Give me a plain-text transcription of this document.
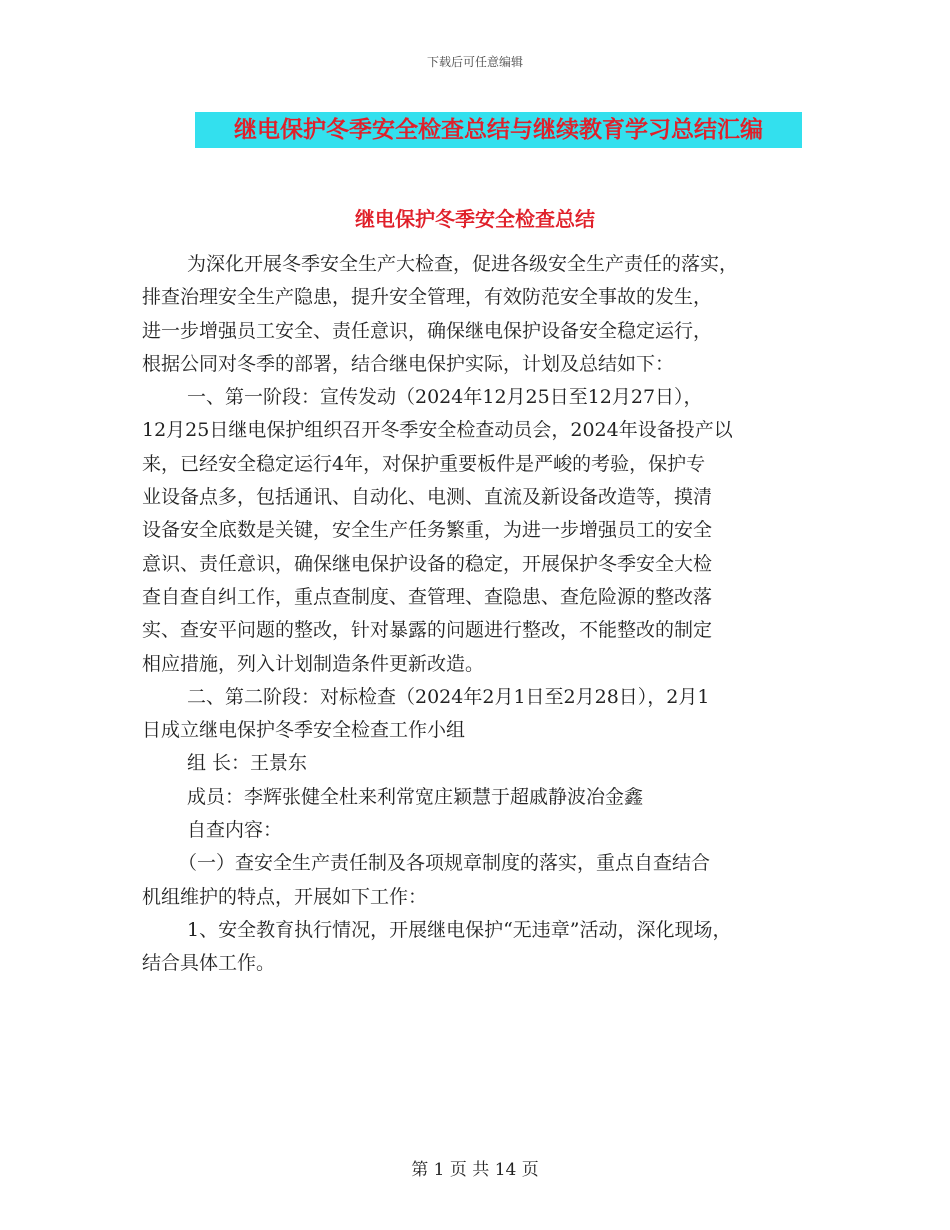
下载后可任意编辑
继电保护冬季安全检查总结与继续教育学习总结汇编
继电保护冬季安全检查总结
为深化开展冬季安全生产大检查，促进各级安全生产责任的落实，
排查治理安全生产隐患，提升安全管理，有效防范安全事故的发生，
进一步增强员工安全、责任意识，确保继电保护设备安全稳定运行，
根据公同对冬季的部署，结合继电保护实际，计划及总结如下：
一、第一阶段：宣传发动（2024年12月25日至12月27日），
12月25日继电保护组织召开冬季安全检查动员会，2024年设备投产以
来，已经安全稳定运行4年，对保护重要板件是严峻的考验，保护专
业设备点多，包括通讯、自动化、电测、直流及新设备改造等，摸清
设备安全底数是关键，安全生产任务繁重，为进一步增强员工的安全
意识、责任意识，确保继电保护设备的稳定，开展保护冬季安全大检
查自查自纠工作，重点查制度、查管理、查隐患、查危险源的整改落
实、查安平问题的整改，针对暴露的问题进行整改，不能整改的制定
相应措施，列入计划制造条件更新改造。
二、第二阶段：对标检查（2024年2月1日至2月28日），2月1
日成立继电保护冬季安全检查工作小组
组 长：王景东
成员：李辉张健全杜来利常宽庄颖慧于超戚静波冶金鑫
自查内容：
（一）查安全生产责任制及各项规章制度的落实，重点自查结合
机组维护的特点，开展如下工作：
1、安全教育执行情况，开展继电保护“无违章”活动，深化现场，
结合具体工作。
第 1 页 共 14 页
